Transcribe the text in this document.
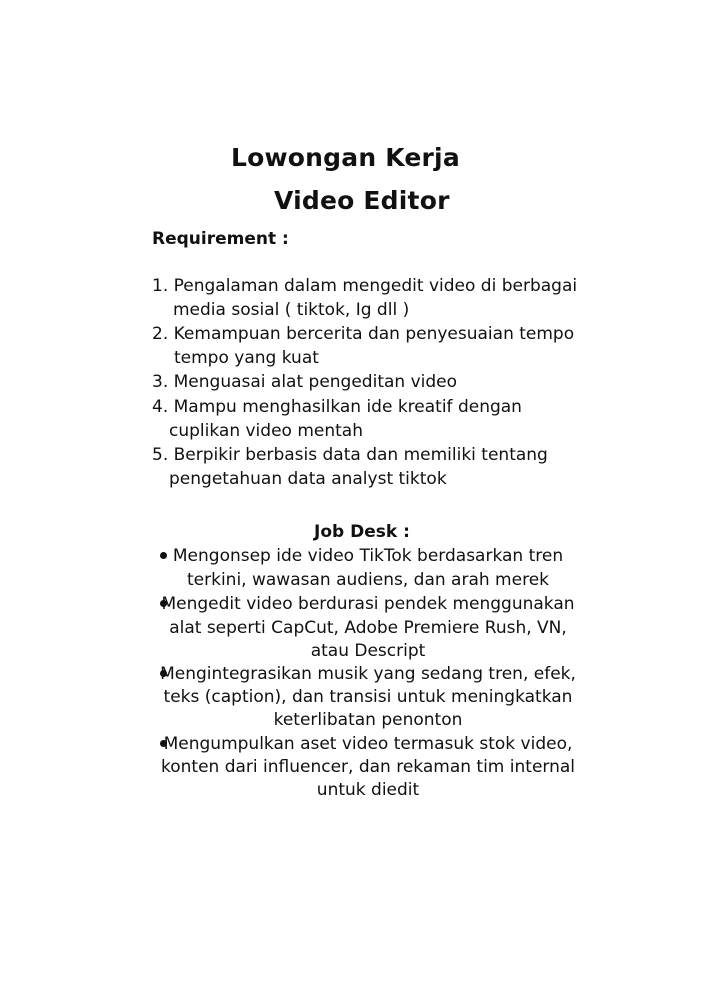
Lowongan Kerja
Video Editor
Requirement :
1. Pengalaman dalam mengedit video di berbagai
media sosial ( tiktok, Ig dll )
2. Kemampuan bercerita dan penyesuaian tempo
tempo yang kuat
3. Menguasai alat pengeditan video
4. Mampu menghasilkan ide kreatif dengan
cuplikan video mentah
5. Berpikir berbasis data dan memiliki tentang
pengetahuan data analyst tiktok
Job Desk :
Mengonsep ide video TikTok berdasarkan tren
terkini, wawasan audiens, dan arah merek
Mengedit video berdurasi pendek menggunakan
alat seperti CapCut, Adobe Premiere Rush, VN,
atau Descript
Mengintegrasikan musik yang sedang tren, efek,
teks (caption), dan transisi untuk meningkatkan
keterlibatan penonton
Mengumpulkan aset video termasuk stok video,
konten dari influencer, dan rekaman tim internal
untuk diedit
